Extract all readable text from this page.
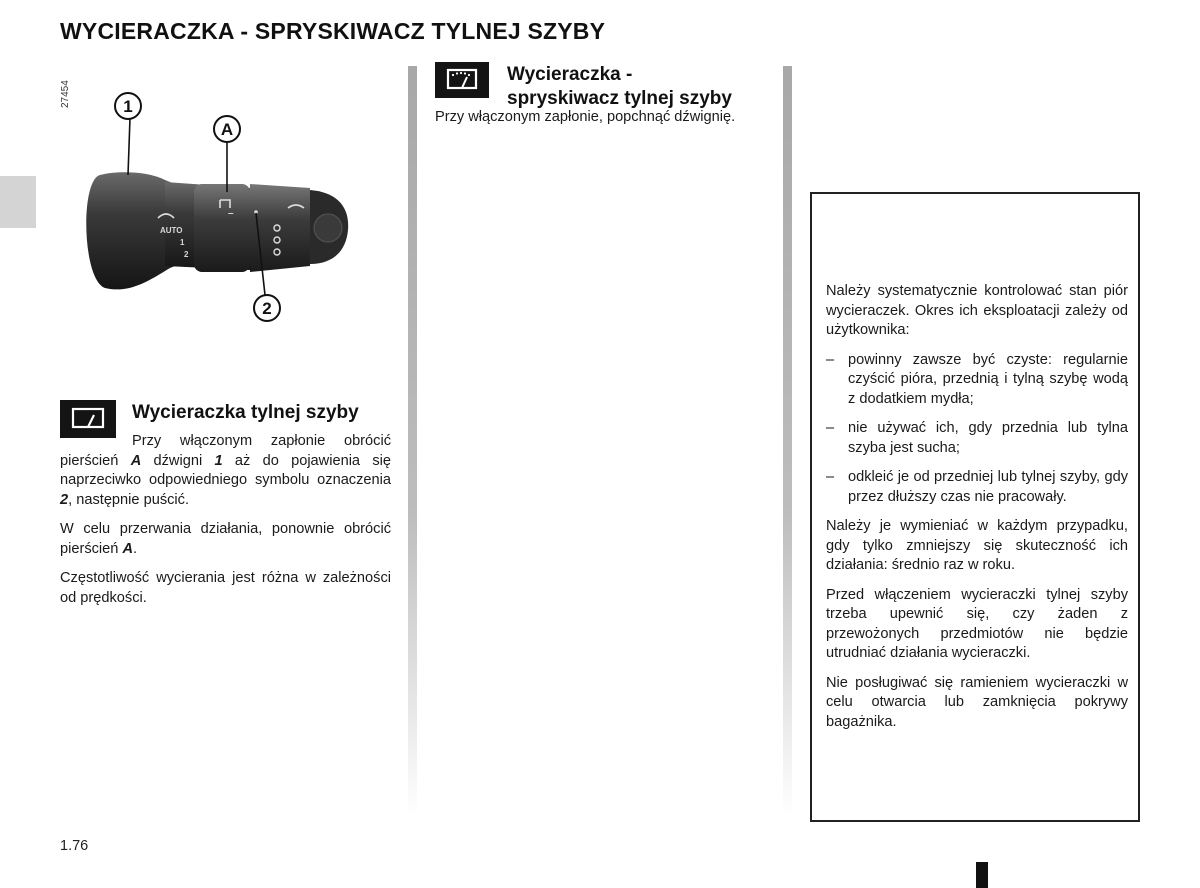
WYCIERACZKA - SPRYSKIWACZ TYLNEJ SZYBY
27454
AUTO
1
2
–
1
A
2
Wycieraczka tylnej szyby

Przy włączonym zapłonie obrócić pierścień A dźwigni 1 aż do pojawienia się naprzeciwko odpowiedniego symbolu oznaczenia 2, następnie puścić.

W celu przerwania działania, ponownie obrócić pierścień A.

Częstotliwość wycierania jest różna w zależności od prędkości.

Wycieraczka -
spryskiwacz tylnej szyby
Przy włączonym zapłonie, popchnąć dźwignię.

Należy systematycznie kontrolować stan piór wycieraczek. Okres ich eksploatacji zależy od użytkownika:

– powinny zawsze być czyste: regularnie czyścić pióra, przednią i tylną szybę wodą z dodatkiem mydła;
– nie używać ich, gdy przednia lub tylna szyba jest sucha;
– odkleić je od przedniej lub tylnej szyby, gdy przez dłuższy czas nie pracowały.

Należy je wymieniać w każdym przypadku, gdy tylko zmniejszy się skuteczność ich działania: średnio raz w roku.

Przed włączeniem wycieraczki tylnej szyby trzeba upewnić się, czy żaden z przewożonych przedmiotów nie będzie utrudniać działania wycieraczki.

Nie posługiwać się ramieniem wycieraczki w celu otwarcia lub zamknięcia pokrywy bagażnika.

1.76
